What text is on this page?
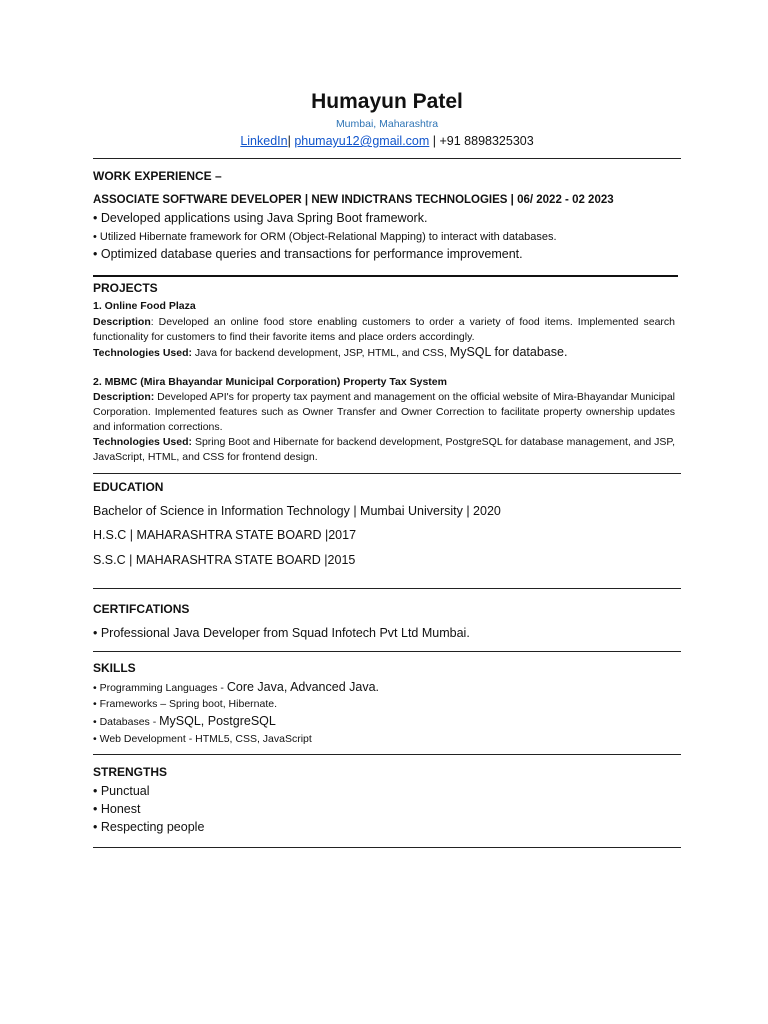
Humayun Patel
Mumbai, Maharashtra
LinkedIn| phumayu12@gmail.com | +91 8898325303
WORK EXPERIENCE –
ASSOCIATE SOFTWARE DEVELOPER | NEW INDICTRANS TECHNOLOGIES | 06/ 2022 - 02 2023
• Developed applications using Java Spring Boot framework.
• Utilized Hibernate framework for ORM (Object-Relational Mapping) to interact with databases.
• Optimized database queries and transactions for performance improvement.
PROJECTS
1. Online Food Plaza
Description: Developed an online food store enabling customers to order a variety of food items. Implemented search functionality for customers to find their favorite items and place orders accordingly.
Technologies Used: Java for backend development, JSP, HTML, and CSS, MySQL for database.
2. MBMC (Mira Bhayandar Municipal Corporation) Property Tax System
Description: Developed API's for property tax payment and management on the official website of Mira-Bhayandar Municipal Corporation. Implemented features such as Owner Transfer and Owner Correction to facilitate property ownership updates and information corrections.
Technologies Used: Spring Boot and Hibernate for backend development, PostgreSQL for database management, and JSP, JavaScript, HTML, and CSS for frontend design.
EDUCATION
Bachelor of Science in Information Technology | Mumbai University | 2020
H.S.C | MAHARASHTRA STATE BOARD |2017
S.S.C | MAHARASHTRA STATE BOARD |2015
CERTIFCATIONS
• Professional Java Developer from Squad Infotech Pvt Ltd Mumbai.
SKILLS
• Programming Languages - Core Java, Advanced Java.
• Frameworks – Spring boot, Hibernate.
• Databases - MySQL, PostgreSQL
• Web Development - HTML5, CSS, JavaScript
STRENGTHS
• Punctual
• Honest
• Respecting people
